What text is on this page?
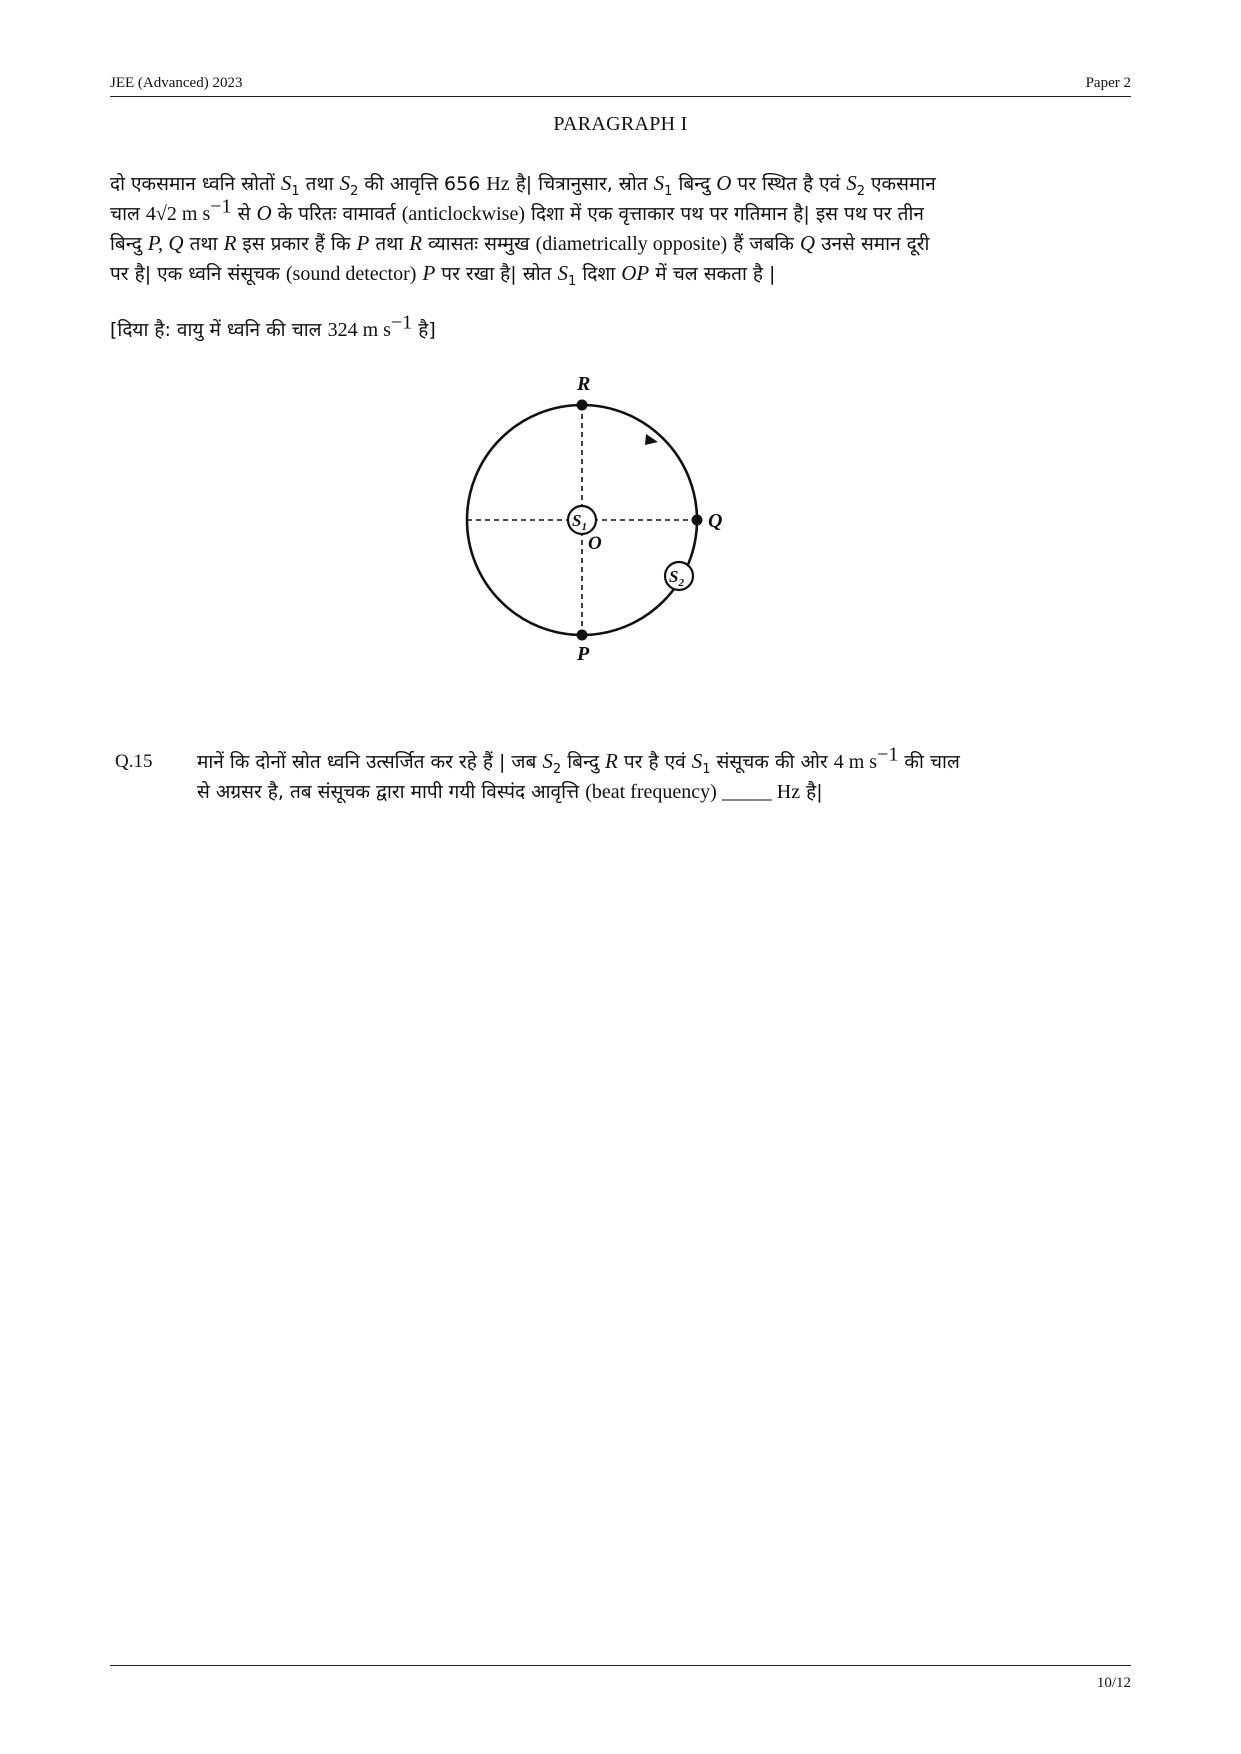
JEE (Advanced) 2023	Paper 2
PARAGRAPH I
दो एकसमान ध्वनि स्रोतों $S_1$ तथा $S_2$ की आवृत्ति 656 Hz है| चित्रानुसार, स्रोत $S_1$ बिन्दु O पर स्थित है एवं $S_2$ एकसमान
चाल 4√2 m $s^{-1}$ से O के परितः वामावर्त (anticlockwise) दिशा में एक वृत्ताकार पथ पर गतिमान है| इस पथ पर तीन
बिन्दु P, Q तथा R इस प्रकार हैं कि P तथा R व्यासतः सम्मुख (diametrically opposite) हैं जबकि Q उनसे समान दूरी
पर है| एक ध्वनि संसूचक (sound detector) P पर रखा है| स्रोत $S_1$ दिशा OP में चल सकता है |
[दिया है: वायु में ध्वनि की चाल 324 m $s^{-1}$ है]
R
Q
P
O
$S_1$
$S_2$
Q.15 मानें कि दोनों स्रोत ध्वनि उत्सर्जित कर रहे हैं | जब $S_2$ बिन्दु R पर है एवं $S_1$ संसूचक की ओर 4 m $s^{-1}$ की चाल
से अग्रसर है, तब संसूचक द्वारा मापी गयी विस्पंद आवृत्ति (beat frequency) _____ Hz है|
10/12
